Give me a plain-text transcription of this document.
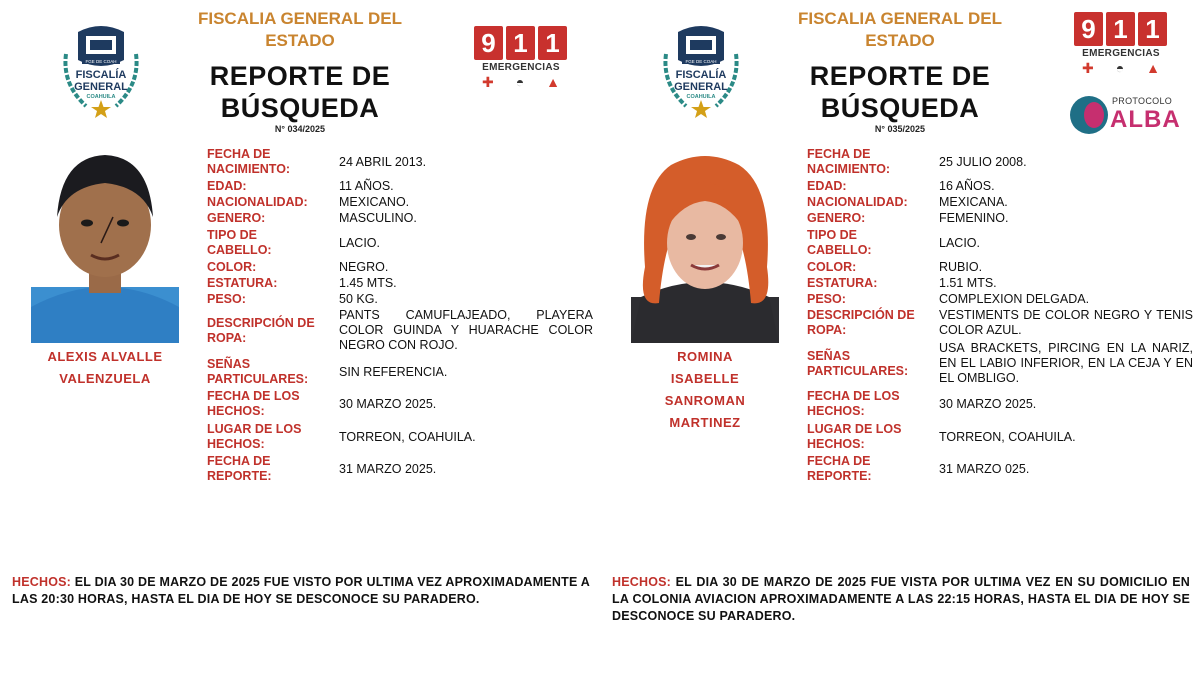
FGE DE COAH
FISCALÍA
GENERAL
COAHUILA
FISCALIA GENERAL DEL ESTADO
REPORTE DE
BÚSQUEDA
N° 034/2025
9 1 1
EMERGENCIAS
✚ ◓ ▲
ALEXIS ALVALLE
VALENZUELA
FECHA DE NACIMIENTO:	24 ABRIL 2013.
EDAD:	11 AÑOS.
NACIONALIDAD:	MEXICANO.
GENERO:	MASCULINO.
TIPO DE CABELLO:	LACIO.
COLOR:	NEGRO.
ESTATURA:	1.45 MTS.
PESO:	50 KG.
DESCRIPCIÓN DE ROPA:
PANTS CAMUFLAJEADO, PLAYERA COLOR GUINDA Y HUARACHE COLOR NEGRO CON ROJO.
SEÑAS PARTICULARES: SIN REFERENCIA.
FECHA DE LOS HECHOS:	30 MARZO 2025.
LUGAR DE LOS HECHOS:	TORREON, COAHUILA.
FECHA DE REPORTE:	31 MARZO 2025.
HECHOS: EL DIA 30 DE MARZO DE 2025 FUE VISTO POR ULTIMA VEZ APROXIMADAMENTE A LAS 20:30 HORAS, HASTA EL DIA DE HOY SE DESCONOCE SU PARADERO.
FGE DE COAH
FISCALÍA
GENERAL
COAHUILA
FISCALIA GENERAL DEL ESTADO
REPORTE DE
BÚSQUEDA
N° 035/2025
9 1 1
EMERGENCIAS
✚ ◓ ▲
PROTOCOLO
ALBA
ROMINA
ISABELLE
SANROMAN
MARTINEZ
FECHA DE NACIMIENTO:	25 JULIO 2008.
EDAD:	16 AÑOS.
NACIONALIDAD:	MEXICANA.
GENERO:	FEMENINO.
TIPO DE CABELLO:	LACIO.
COLOR:	RUBIO.
ESTATURA:	1.51 MTS.
PESO:	COMPLEXION DELGADA.
DESCRIPCIÓN DE ROPA:
VESTIMENTS DE COLOR NEGRO Y TENIS COLOR AZUL.
SEÑAS PARTICULARES:
USA BRACKETS, PIRCING EN LA NARIZ, EN EL LABIO INFERIOR, EN LA CEJA Y EN EL OMBLIGO.
FECHA DE LOS HECHOS:	30 MARZO 2025.
LUGAR DE LOS HECHOS:	TORREON, COAHUILA.
FECHA DE REPORTE:	31 MARZO 025.
HECHOS: EL DIA 30 DE MARZO DE 2025 FUE VISTA POR ULTIMA VEZ EN SU DOMICILIO EN LA COLONIA AVIACION APROXIMADAMENTE A LAS 22:15 HORAS, HASTA EL DIA DE HOY SE DESCONOCE SU PARADERO.
